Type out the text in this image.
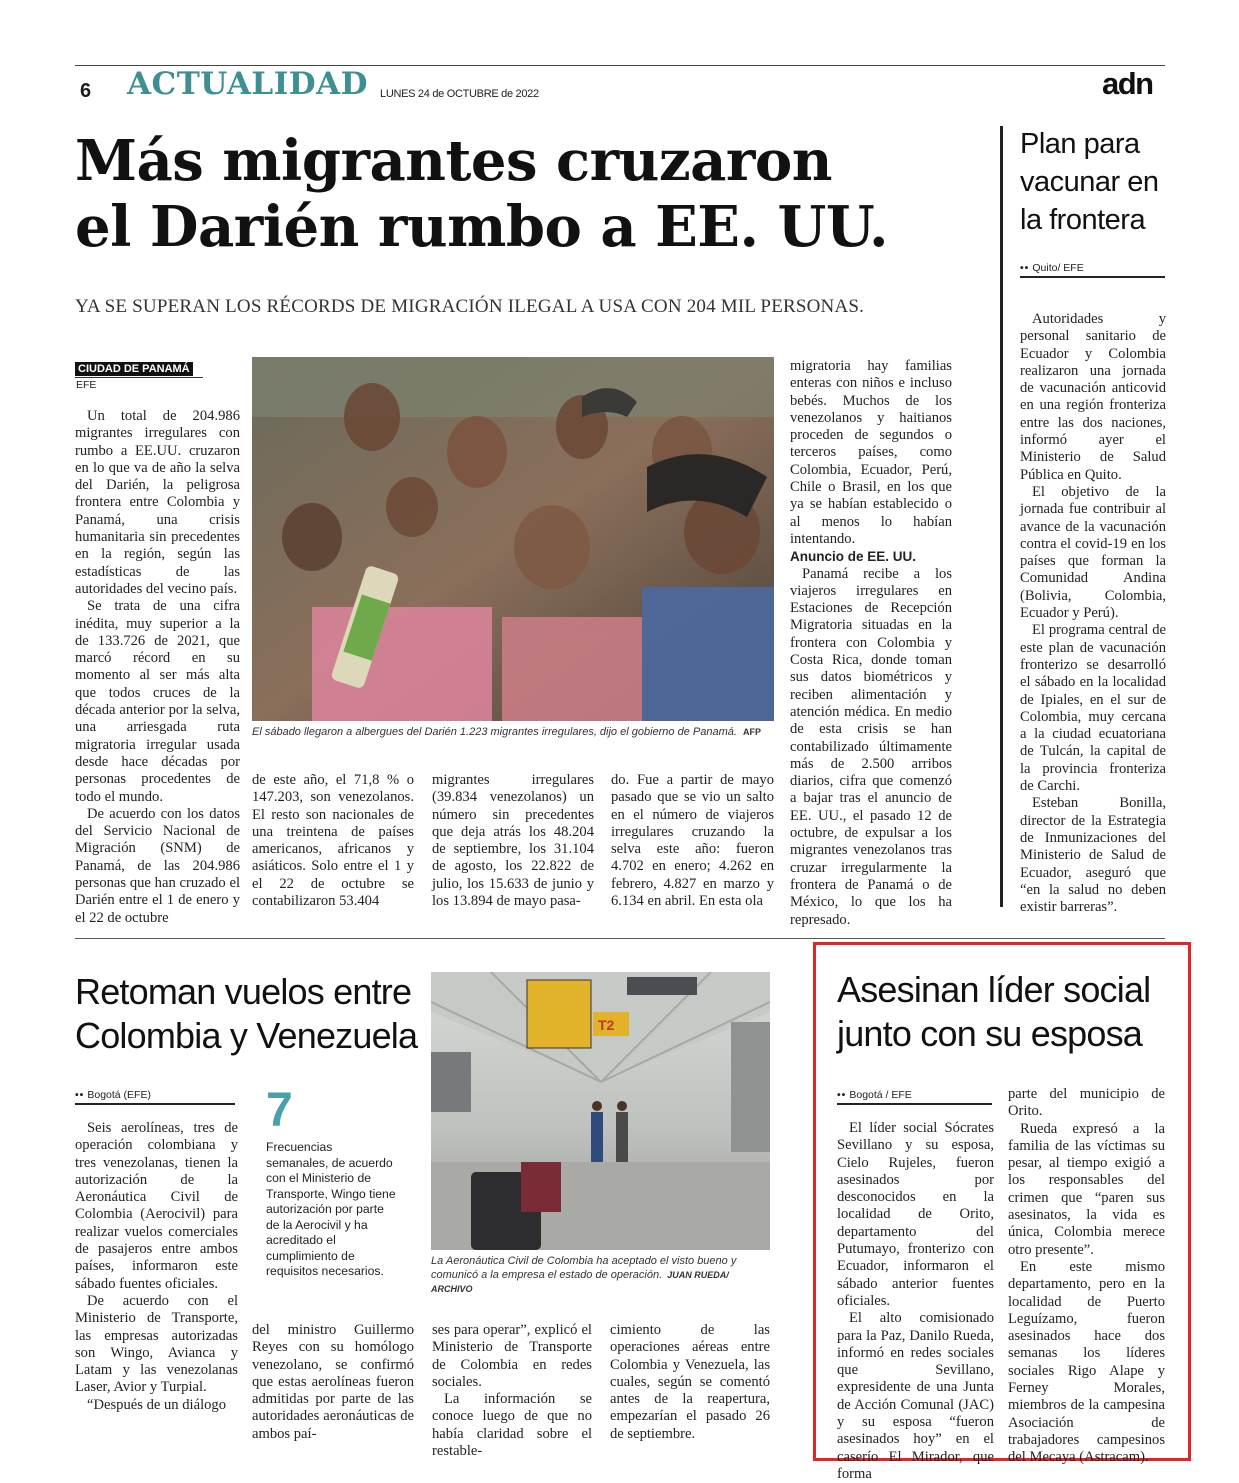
6 ACTUALIDAD LUNES 24 de OCTUBRE de 2022	adn
Más migrantes cruzaron
el Darién rumbo a EE. UU.
YA SE SUPERAN LOS RÉCORDS DE MIGRACIÓN ILEGAL A USA CON 204 MIL PERSONAS.
CIUDAD DE PANAMÁ
EFE

Un total de 204.986 migrantes irregulares con rumbo a EE.UU. cruzaron en lo que va de año la selva del Darién, la peligrosa frontera entre Colombia y Panamá, una crisis humanitaria sin precedentes en la región, según las estadísticas de las autoridades del vecino país.

Se trata de una cifra inédita, muy superior a la de 133.726 de 2021, que marcó récord en su momento al ser más alta que todos cruces de la década anterior por la selva, una arriesgada ruta migratoria irregular usada desde hace décadas por personas procedentes de todo el mundo.

De acuerdo con los datos del Servicio Nacional de Migración (SNM) de Panamá, de las 204.986 personas que han cruzado el Darién entre el 1 de enero y el 22 de octubre

El sábado llegaron a albergues del Darién 1.223 migrantes irregulares, dijo el gobierno de Panamá. AFP

de este año, el 71,8 % o 147.203, son venezolanos. El resto son nacionales de una treintena de países americanos, africanos y asiáticos. Solo entre el 1 y el 22 de octubre se contabilizaron 53.404

migrantes irregulares (39.834 venezolanos) un número sin precedentes que deja atrás los 48.204 de septiembre, los 31.104 de agosto, los 22.822 de julio, los 15.633 de junio y los 13.894 de mayo pasa-

do. Fue a partir de mayo pasado que se vio un salto en el número de viajeros irregulares cruzando la selva este año: fueron 4.702 en enero; 4.262 en febrero, 4.827 en marzo y 6.134 en abril. En esta ola

migratoria hay familias enteras con niños e incluso bebés. Muchos de los venezolanos y haitianos proceden de segundos o terceros países, como Colombia, Ecuador, Perú, Chile o Brasil, en los que ya se habían establecido o al menos lo habían intentando.

Anuncio de EE. UU.

Panamá recibe a los viajeros irregulares en Estaciones de Recepción Migratoria situadas en la frontera con Colombia y Costa Rica, donde toman sus datos biométricos y reciben alimentación y atención médica. En medio de esta crisis se han contabilizado últimamente más de 2.500 arribos diarios, cifra que comenzó a bajar tras el anuncio de EE. UU., el pasado 12 de octubre, de expulsar a los migrantes venezolanos tras cruzar irregularmente la frontera de Panamá o de México, lo que los ha represado.

Plan para vacunar en la frontera
•• Quito/ EFE

Autoridades y personal sanitario de Ecuador y Colombia realizaron una jornada de vacunación anticovid en una región fronteriza entre las dos naciones, informó ayer el Ministerio de Salud Pública en Quito.

El objetivo de la jornada fue contribuir al avance de la vacunación contra el covid-19 en los países que forman la Comunidad Andina (Bolivia, Colombia, Ecuador y Perú).

El programa central de este plan de vacunación fronterizo se desarrolló el sábado en la localidad de Ipiales, en el sur de Colombia, muy cercana a la ciudad ecuatoriana de Tulcán, la capital de la provincia fronteriza de Carchi.

Esteban Bonilla, director de la Estrategia de Inmunizaciones del Ministerio de Salud de Ecuador, aseguró que “en la salud no deben existir barreras”.

Retoman vuelos entre
Colombia y Venezuela
•• Bogotá (EFE)

Seis aerolíneas, tres de operación colombiana y tres venezolanas, tienen la autorización de la Aeronáutica Civil de Colombia (Aerocivil) para realizar vuelos comerciales de pasajeros entre ambos países, informaron este sábado fuentes oficiales.

De acuerdo con el Ministerio de Transporte, las empresas autorizadas son Wingo, Avianca y Latam y las venezolanas Laser, Avior y Turpial.

“Después de un diálogo

7
Frecuencias semanales, de acuerdo con el Ministerio de Transporte, Wingo tiene autorización por parte de la Aerocivil y ha acreditado el cumplimiento de requisitos necesarios.
T2
La Aeronáutica Civil de Colombia ha aceptado el visto bueno y comunicó a la empresa el estado de operación. JUAN RUEDA/ ARCHIVO

del ministro Guillermo Reyes con su homólogo venezolano, se confirmó que estas aerolíneas fueron admitidas por parte de las autoridades aeronáuticas de ambos paí-

ses para operar”, explicó el Ministerio de Transporte de Colombia en redes sociales.

La información se conoce luego de que no había claridad sobre el restable-

cimiento de las operaciones aéreas entre Colombia y Venezuela, las cuales, según se comentó antes de la reapertura, empezarían el pasado 26 de septiembre.

Asesinan líder social
junto con su esposa
•• Bogotá / EFE

El líder social Sócrates Sevillano y su esposa, Cielo Rujeles, fueron asesinados por desconocidos en la localidad de Orito, departamento del Putumayo, fronterizo con Ecuador, informaron el sábado anterior fuentes oficiales.

El alto comisionado para la Paz, Danilo Rueda, informó en redes sociales que Sevillano, expresidente de una Junta de Acción Comunal (JAC) y su esposa “fueron asesinados hoy” en el caserío El Mirador, que forma

parte del municipio de Orito.

Rueda expresó a la familia de las víctimas su pesar, al tiempo exigió a los responsables del crimen que “paren sus asesinatos, la vida es única, Colombia merece otro presente”.

En este mismo departamento, pero en la localidad de Puerto Leguízamo, fueron asesinados hace dos semanas los líderes sociales Rigo Alape y Ferney Morales, miembros de la campesina Asociación de trabajadores campesinos del Mecaya (Astracam).
